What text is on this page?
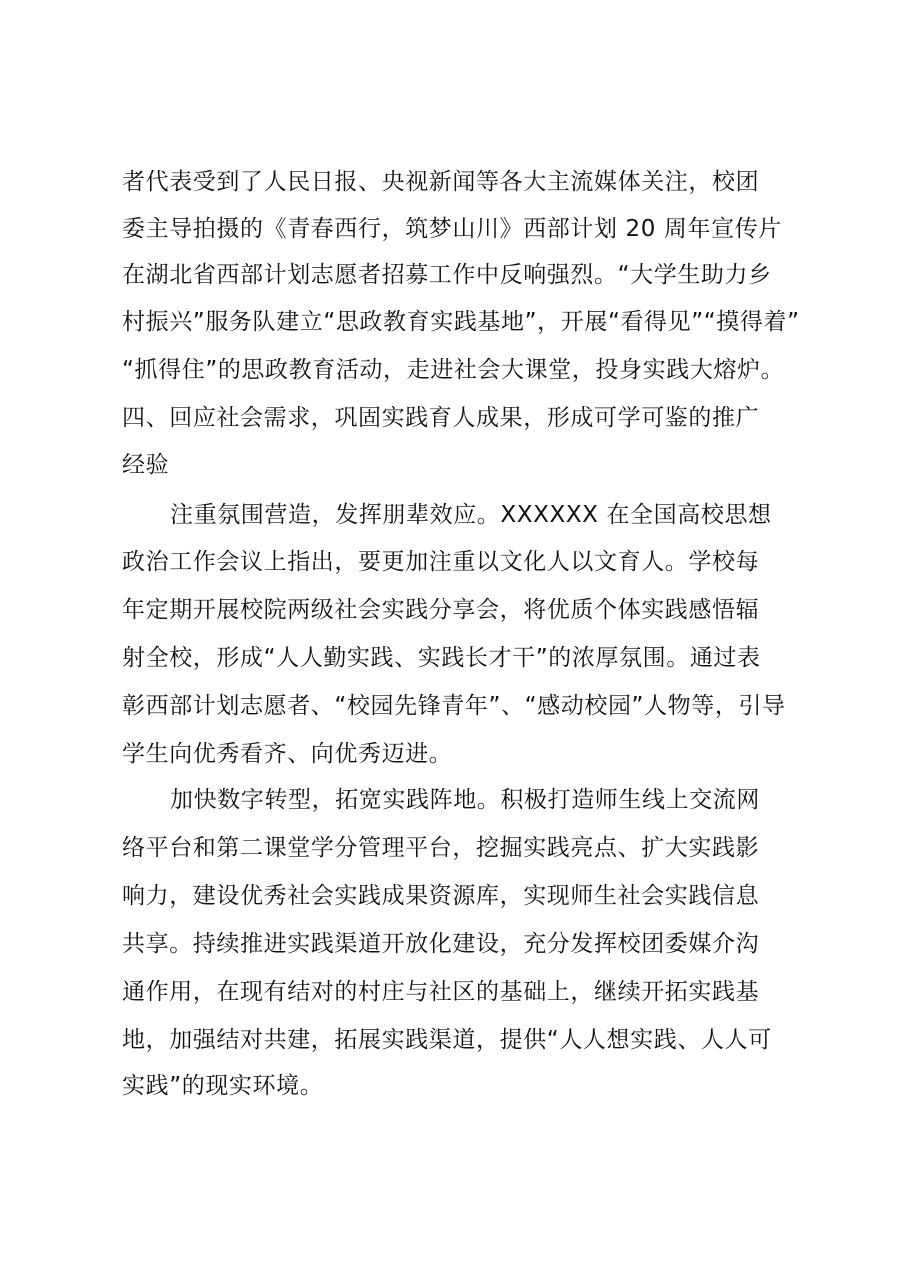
者代表受到了人民日报、央视新闻等各大主流媒体关注，校团
委主导拍摄的《青春西行，筑梦山川》西部计划 20 周年宣传片
在湖北省西部计划志愿者招募工作中反响强烈。“大学生助力乡
村振兴”服务队建立“思政教育实践基地”，开展“看得见”“摸得着”
“抓得住”的思政教育活动，走进社会大课堂，投身实践大熔炉。
四、回应社会需求，巩固实践育人成果，形成可学可鉴的推广
经验
注重氛围营造，发挥朋辈效应。XXXXXX 在全国高校思想
政治工作会议上指出，要更加注重以文化人以文育人。学校每
年定期开展校院两级社会实践分享会，将优质个体实践感悟辐
射全校，形成“人人勤实践、实践长才干”的浓厚氛围。通过表
彰西部计划志愿者、“校园先锋青年”、“感动校园”人物等，引导
学生向优秀看齐、向优秀迈进。
加快数字转型，拓宽实践阵地。积极打造师生线上交流网
络平台和第二课堂学分管理平台，挖掘实践亮点、扩大实践影
响力，建设优秀社会实践成果资源库，实现师生社会实践信息
共享。持续推进实践渠道开放化建设，充分发挥校团委媒介沟
通作用，在现有结对的村庄与社区的基础上，继续开拓实践基
地，加强结对共建，拓展实践渠道，提供“人人想实践、人人可
实践”的现实环境。
